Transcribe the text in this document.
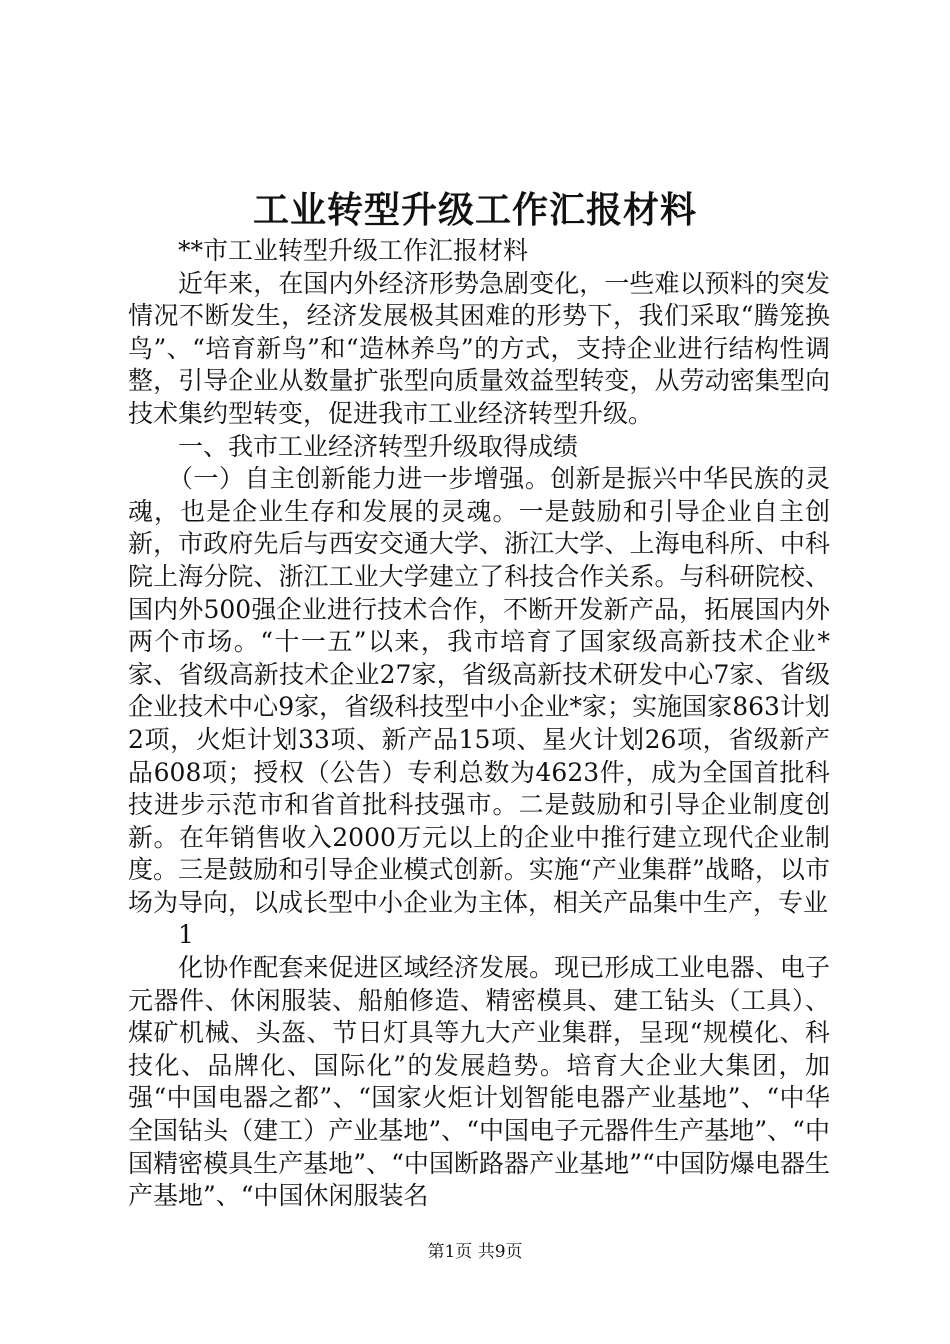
工业转型升级工作汇报材料

**市工业转型升级工作汇报材料

近年来，在国内外经济形势急剧变化，一些难以预料的突发情况不断发生，经济发展极其困难的形势下，我们采取“腾笼换鸟”、“培育新鸟”和“造林养鸟”的方式，支持企业进行结构性调整，引导企业从数量扩张型向质量效益型转变，从劳动密集型向技术集约型转变，促进我市工业经济转型升级。

一、我市工业经济转型升级取得成绩

（一）自主创新能力进一步增强。创新是振兴中华民族的灵魂，也是企业生存和发展的灵魂。一是鼓励和引导企业自主创新，市政府先后与西安交通大学、浙江大学、上海电科所、中科院上海分院、浙江工业大学建立了科技合作关系。与科研院校、国内外500强企业进行技术合作，不断开发新产品，拓展国内外两个市场。“十一五”以来，我市培育了国家级高新技术企业*家、省级高新技术企业27家，省级高新技术研发中心7家、省级企业技术中心9家，省级科技型中小企业*家；实施国家863计划2项，火炬计划33项、新产品15项、星火计划26项，省级新产品608项；授权（公告）专利总数为4623件，成为全国首批科技进步示范市和省首批科技强市。二是鼓励和引导企业制度创新。在年销售收入2000万元以上的企业中推行建立现代企业制度。三是鼓励和引导企业模式创新。实施“产业集群”战略，以市场为导向，以成长型中小企业为主体，相关产品集中生产，专业

1

化协作配套来促进区域经济发展。现已形成工业电器、电子元器件、休闲服装、船舶修造、精密模具、建工钻头（工具）、煤矿机械、头盔、节日灯具等九大产业集群，呈现“规模化、科技化、品牌化、国际化”的发展趋势。培育大企业大集团，加强“中国电器之都”、“国家火炬计划智能电器产业基地”、“中华全国钻头（建工）产业基地”、“中国电子元器件生产基地”、“中国精密模具生产基地”、“中国断路器产业基地”“中国防爆电器生产基地”、“中国休闲服装名

第1页 共9页
